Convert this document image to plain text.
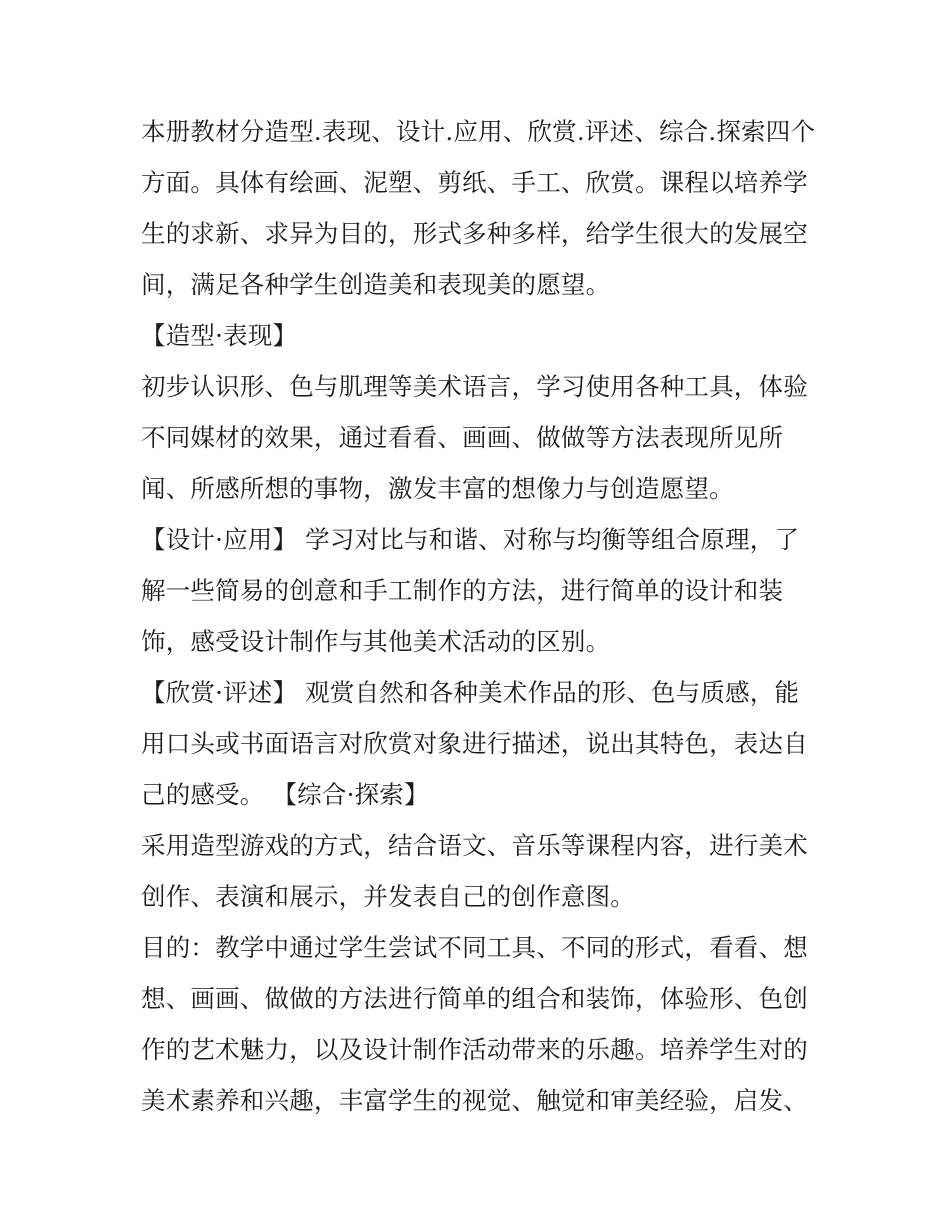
本册教材分造型.表现、设计.应用、欣赏.评述、综合.探索四个
方面。具体有绘画、泥塑、剪纸、手工、欣赏。课程以培养学
生的求新、求异为目的，形式多种多样，给学生很大的发展空
间，满足各种学生创造美和表现美的愿望。
【造型·表现】
初步认识形、色与肌理等美术语言，学习使用各种工具，体验
不同媒材的效果，通过看看、画画、做做等方法表现所见所
闻、所感所想的事物，激发丰富的想像力与创造愿望。
【设计·应用】 学习对比与和谐、对称与均衡等组合原理，了
解一些简易的创意和手工制作的方法，进行简单的设计和装
饰，感受设计制作与其他美术活动的区别。
【欣赏·评述】 观赏自然和各种美术作品的形、色与质感，能
用口头或书面语言对欣赏对象进行描述，说出其特色，表达自
己的感受。 【综合·探索】
采用造型游戏的方式，结合语文、音乐等课程内容，进行美术
创作、表演和展示，并发表自己的创作意图。
目的：教学中通过学生尝试不同工具、不同的形式，看看、想
想、画画、做做的方法进行简单的组合和装饰，体验形、色创
作的艺术魅力，以及设计制作活动带来的乐趣。培养学生对的
美术素养和兴趣，丰富学生的视觉、触觉和审美经验，启发、
